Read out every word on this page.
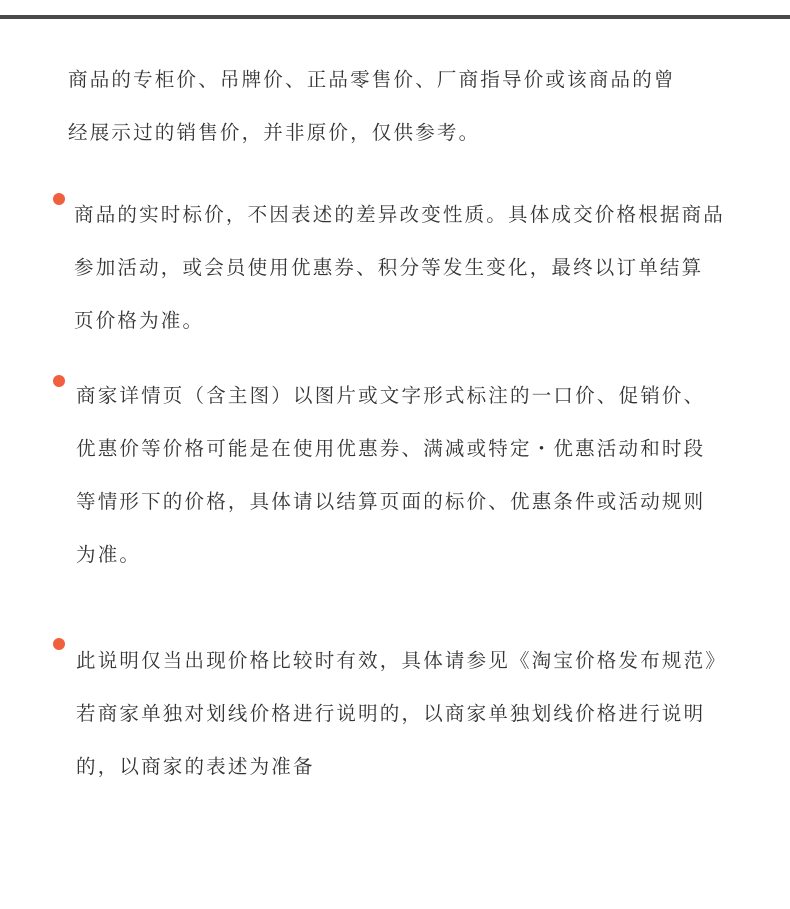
商品的专柜价、吊牌价、正品零售价、厂商指导价或该商品的曾
经展示过的销售价，并非原价，仅供参考。
商品的实时标价，不因表述的差异改变性质。具体成交价格根据商品
参加活动，或会员使用优惠券、积分等发生变化，最终以订单结算
页价格为准。
商家详情页（含主图）以图片或文字形式标注的一口价、促销价、
优惠价等价格可能是在使用优惠券、满减或特定・优惠活动和时段
等情形下的价格，具体请以结算页面的标价、优惠条件或活动规则
为准。
此说明仅当出现价格比较时有效，具体请参见《淘宝价格发布规范》
若商家单独对划线价格进行说明的，以商家单独划线价格进行说明
的，以商家的表述为准备
